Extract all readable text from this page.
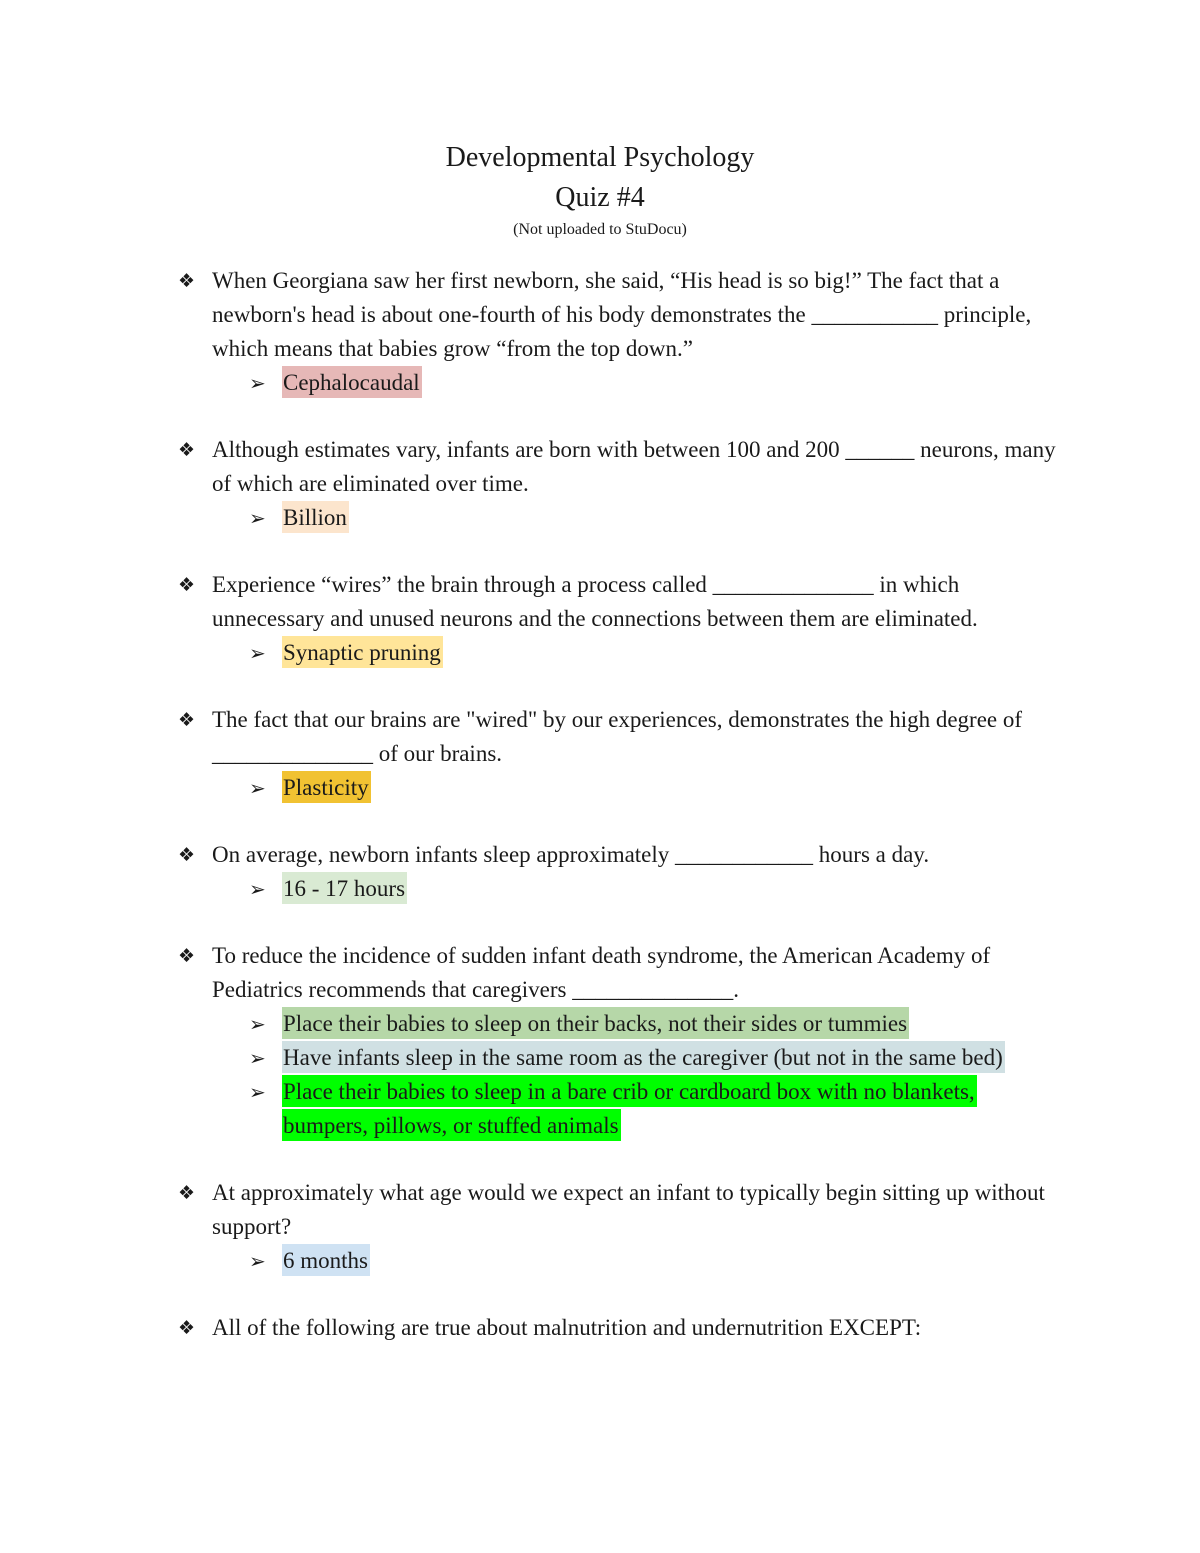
Developmental Psychology
Quiz #4
(Not uploaded to StuDocu)
❖ When Georgiana saw her first newborn, she said, “His head is so big!” The fact that a newborn's head is about one-fourth of his body demonstrates the ___________ principle, which means that babies grow “from the top down.”
➢ Cephalocaudal
❖ Although estimates vary, infants are born with between 100 and 200 ______ neurons, many of which are eliminated over time.
➢ Billion
❖ Experience “wires” the brain through a process called ______________ in which unnecessary and unused neurons and the connections between them are eliminated.
➢ Synaptic pruning
❖ The fact that our brains are "wired" by our experiences, demonstrates the high degree of ______________ of our brains.
➢ Plasticity
❖ On average, newborn infants sleep approximately ____________ hours a day.
➢ 16 - 17 hours
❖ To reduce the incidence of sudden infant death syndrome, the American Academy of Pediatrics recommends that caregivers ______________.
➢ Place their babies to sleep on their backs, not their sides or tummies
➢ Have infants sleep in the same room as the caregiver (but not in the same bed)
➢ Place their babies to sleep in a bare crib or cardboard box with no blankets, bumpers, pillows, or stuffed animals
❖ At approximately what age would we expect an infant to typically begin sitting up without support?
➢ 6 months
❖ All of the following are true about malnutrition and undernutrition EXCEPT:
